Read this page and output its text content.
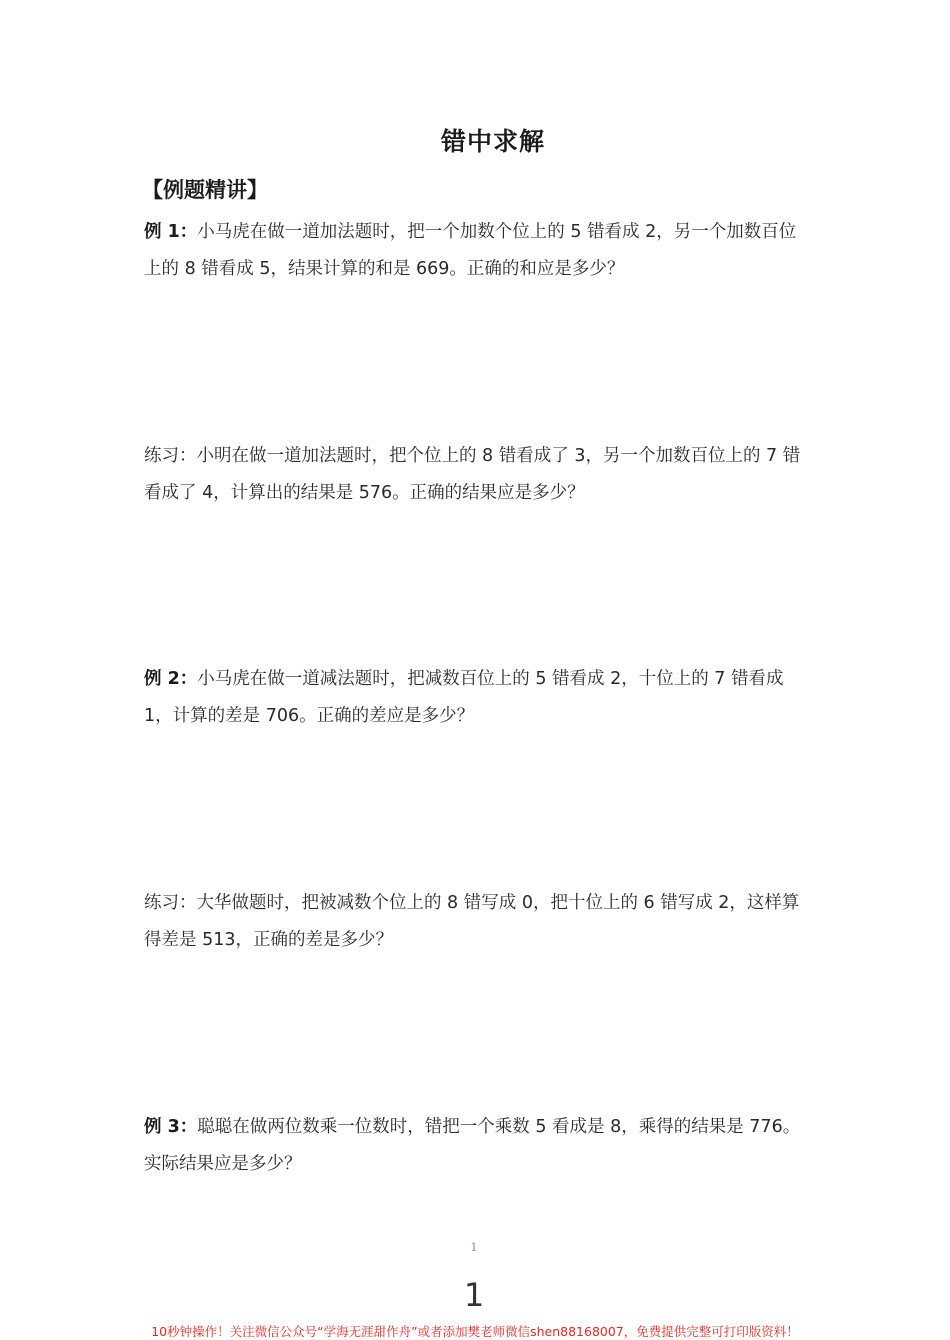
错中求解
【例题精讲】
例 1：小马虎在做一道加法题时，把一个加数个位上的 5 错看成 2，另一个加数百位上的 8 错看成 5，结果计算的和是 669。正确的和应是多少？
练习：小明在做一道加法题时，把个位上的 8 错看成了 3，另一个加数百位上的 7 错看成了 4，计算出的结果是 576。正确的结果应是多少？
例 2：小马虎在做一道减法题时，把减数百位上的 5 错看成 2，十位上的 7 错看成 1，计算的差是 706。正确的差应是多少？
练习：大华做题时，把被减数个位上的 8 错写成 0，把十位上的 6 错写成 2，这样算得差是 513，正确的差是多少？
例 3：聪聪在做两位数乘一位数时，错把一个乘数 5 看成是 8，乘得的结果是 776。实际结果应是多少？
1
1
10秒钟操作！关注微信公众号“学海无涯甜作舟”或者添加樊老师微信shen88168007，免费提供完整可打印版资料！
